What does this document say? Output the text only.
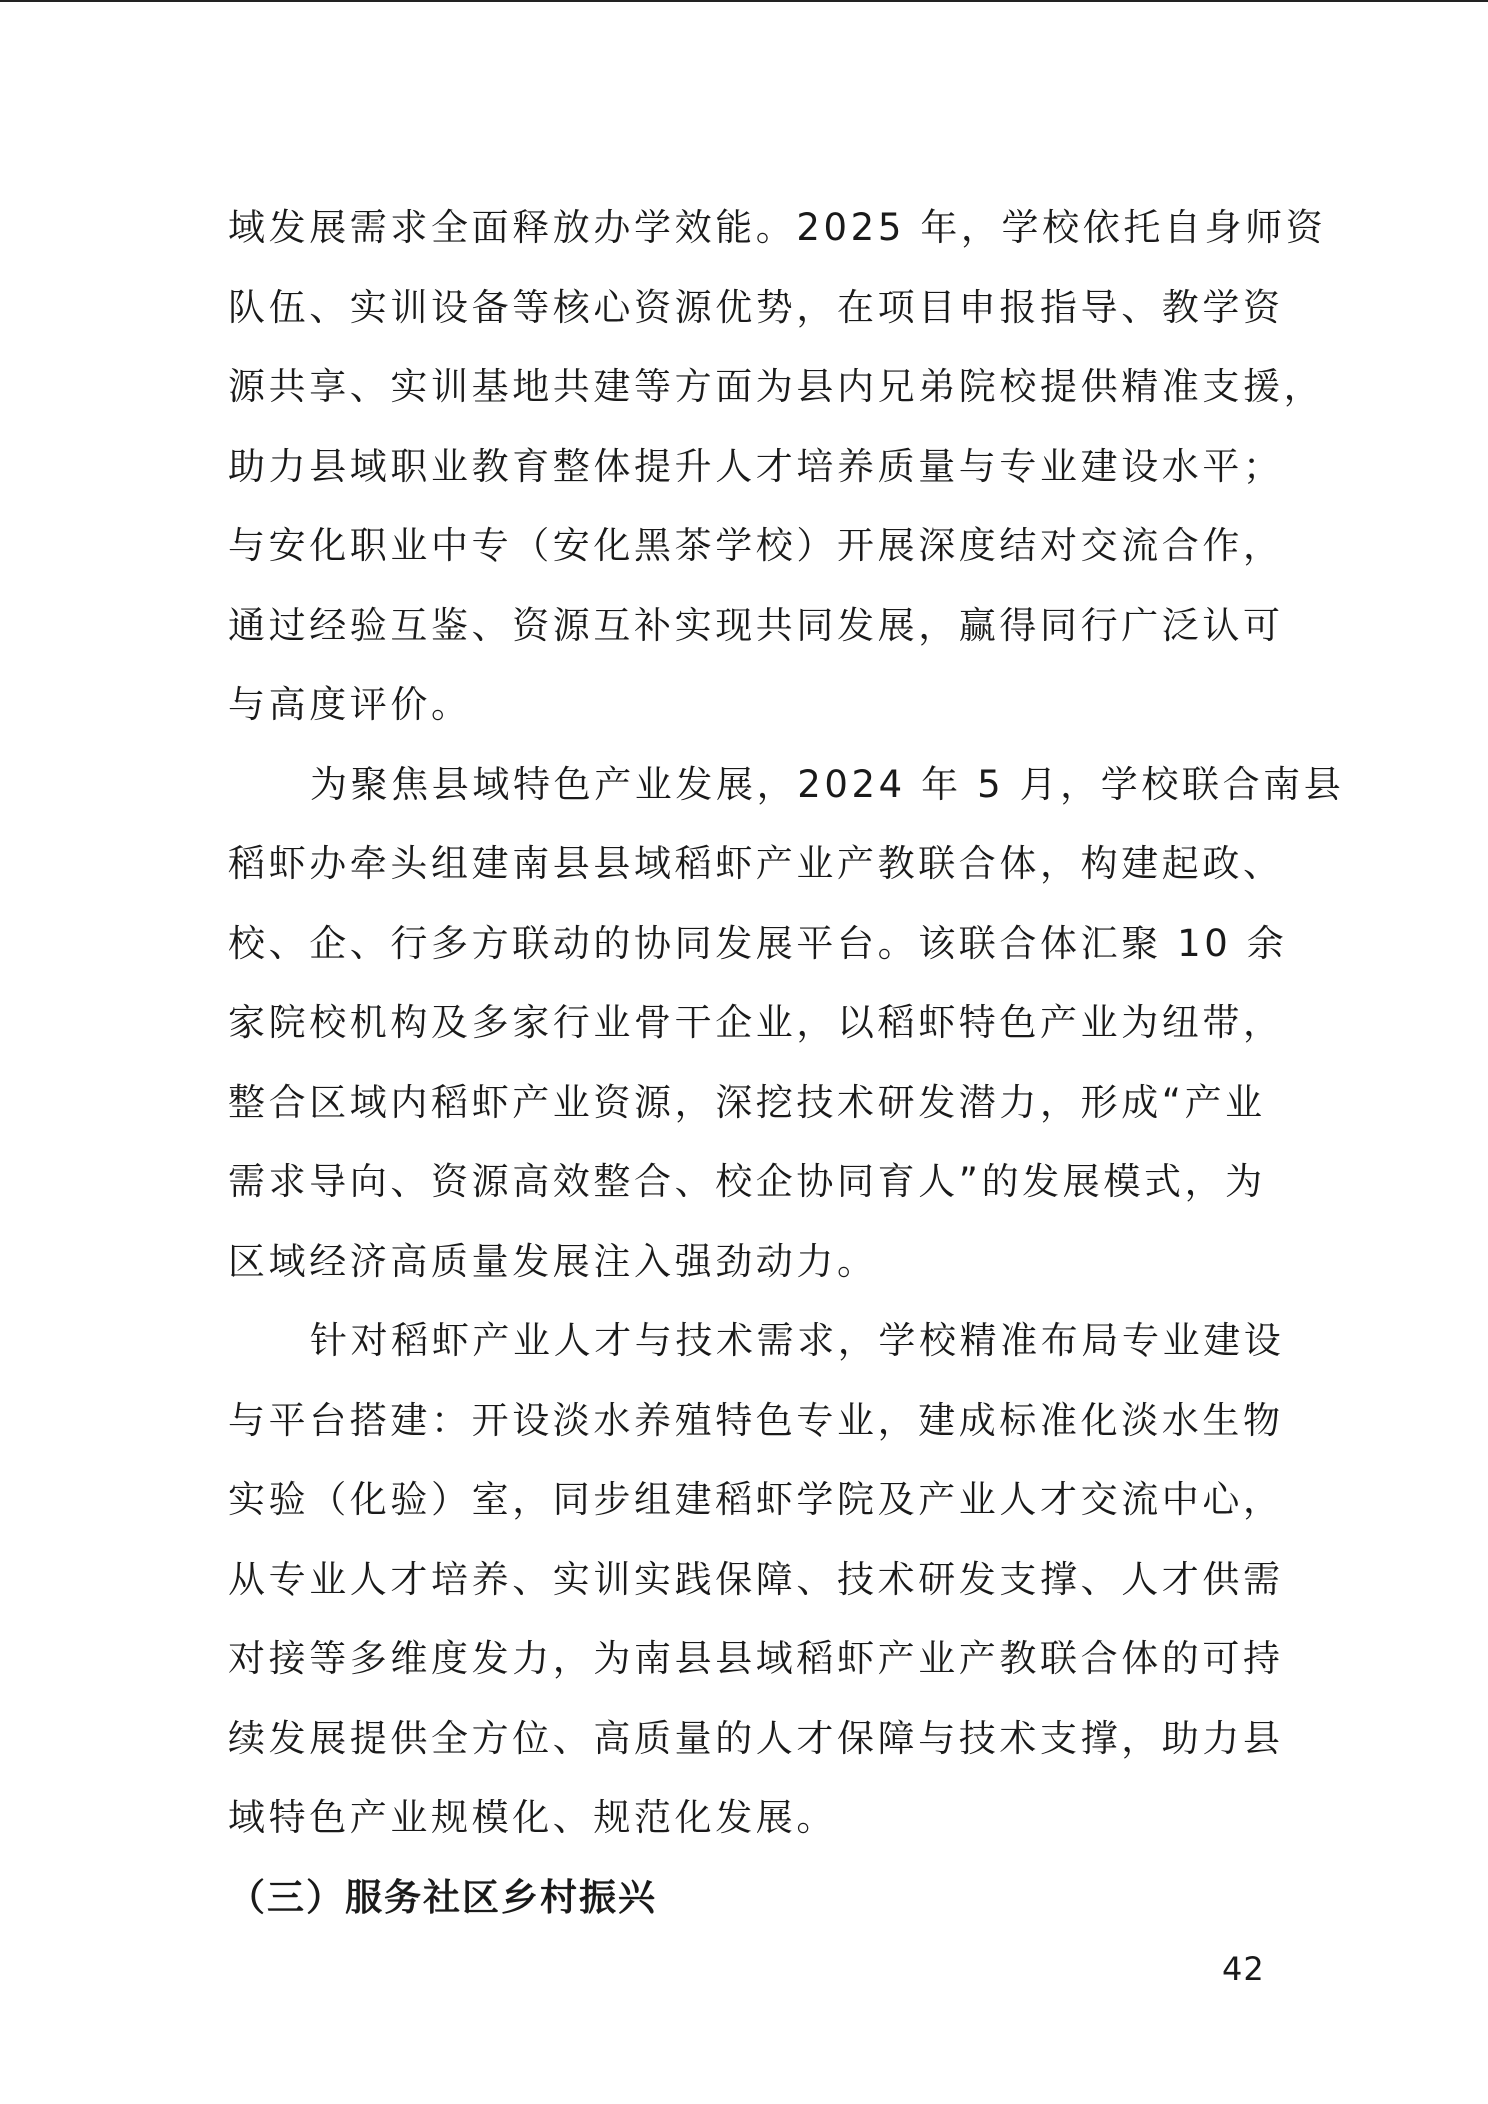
域发展需求全面释放办学效能。2025 年，学校依托自身师资
队伍、实训设备等核心资源优势，在项目申报指导、教学资
源共享、实训基地共建等方面为县内兄弟院校提供精准支援，
助力县域职业教育整体提升人才培养质量与专业建设水平；
与安化职业中专（安化黑茶学校）开展深度结对交流合作，
通过经验互鉴、资源互补实现共同发展，赢得同行广泛认可
与高度评价。
为聚焦县域特色产业发展，2024 年 5 月，学校联合南县
稻虾办牵头组建南县县域稻虾产业产教联合体，构建起政、
校、企、行多方联动的协同发展平台。该联合体汇聚 10 余
家院校机构及多家行业骨干企业，以稻虾特色产业为纽带，
整合区域内稻虾产业资源，深挖技术研发潜力，形成“产业
需求导向、资源高效整合、校企协同育人”的发展模式，为
区域经济高质量发展注入强劲动力。
针对稻虾产业人才与技术需求，学校精准布局专业建设
与平台搭建：开设淡水养殖特色专业，建成标准化淡水生物
实验（化验）室，同步组建稻虾学院及产业人才交流中心，
从专业人才培养、实训实践保障、技术研发支撑、人才供需
对接等多维度发力，为南县县域稻虾产业产教联合体的可持
续发展提供全方位、高质量的人才保障与技术支撑，助力县
域特色产业规模化、规范化发展。
（三）服务社区乡村振兴
42
